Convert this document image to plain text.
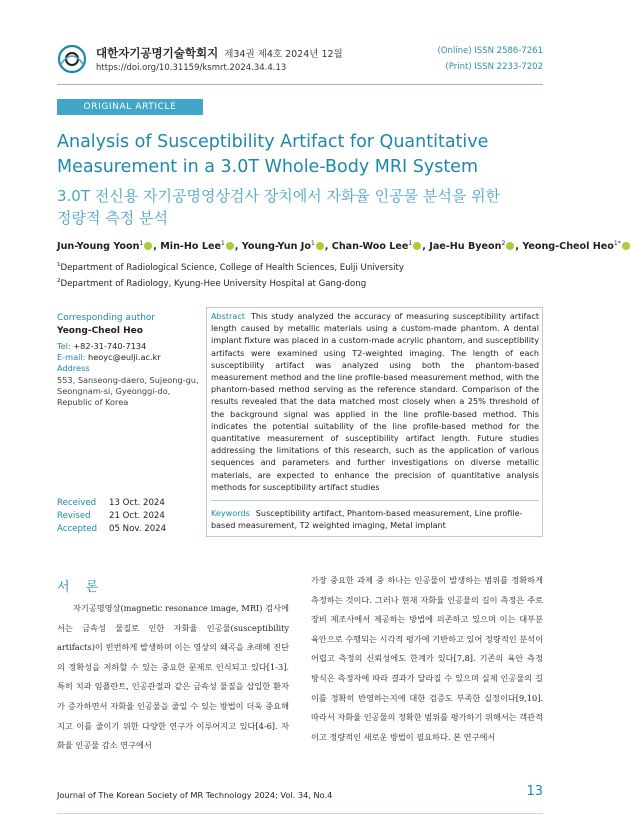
대한자기공명기술학회지 제34권 제4호 2024년 12월
https://doi.org/10.31159/ksmrt.2024.34.4.13
(Online) ISSN 2586-7261
(Print) ISSN 2233-7202
ORIGINAL ARTICLE
Analysis of Susceptibility Artifact for Quantitative
Measurement in a 3.0T Whole-Body MRI System
3.0T 전신용 자기공명영상검사 장치에서 자화율 인공물 분석을 위한
정량적 측정 분석
Jun-Young Yoon$^1$ , Min-Ho Lee$^1$ , Young-Yun Jo$^1$ , Chan-Woo Lee$^1$ , Jae-Hu Byeon$^2$ , Yeong-Cheol Heo$^{1*}$
$^1$Department of Radiological Science, College of Health Sciences, Eulji University
$^2$Department of Radiology, Kyung-Hee University Hospital at Gang-dong
Corresponding author
Yeong-Cheol Heo
Tel: +82-31-740-7134
E-mail: heoyc@eulji.ac.kr
Address
553, Sanseong-daero, Sujeong-gu, Seongnam-si, Gyeonggi-do, Republic of Korea
Received 13 Oct. 2024
Revised 21 Oct. 2024
Accepted 05 Nov. 2024
Abstract This study analyzed the accuracy of measuring susceptibility artifact length caused by metallic materials using a custom-made phantom. A dental implant fixture was placed in a custom-made acrylic phantom, and susceptibility artifacts were examined using T2-weighted imaging. The length of each susceptibility artifact was analyzed using both the phantom-based measurement method and the line profile-based measurement method, with the phantom-based method serving as the reference standard. Comparison of the results revealed that the data matched most closely when a 25% threshold of the background signal was applied in the line profile-based method. This indicates the potential suitability of the line profile-based method for the quantitative measurement of susceptibility artifact length. Future studies addressing the limitations of this research, such as the application of various sequences and parameters and further investigations on diverse metallic materials, are expected to enhance the precision of quantitative analysis methods for susceptibility artifact studies
Keywords Susceptibility artifact, Phantom-based measurement, Line profile-based measurement, T2 weighted imaging, Metal implant
서 론
자기공명영상(magnetic resonance image, MRI) 검사에서는 금속성 물질로 인한 자화율 인공물(susceptibility artifacts)이 빈번하게 발생하며 이는 영상의 왜곡을 초래해 진단의 정확성을 저하할 수 있는 중요한 문제로 인식되고 있다[1-3]. 특히 치과 임플란트, 인공관절과 같은 금속성 물질을 삽입한 환자가 증가하면서 자화율 인공물을 줄일 수 있는 방법이 더욱 중요해지고 이를 줄이기 위한 다양한 연구가 이루어지고 있다[4-6]. 자화율 인공물 감소 연구에서
가장 중요한 과제 중 하나는 인공물이 발생하는 범위를 정확하게 측정하는 것이다. 그러나 현재 자화율 인공물의 길이 측정은 주로 장비 제조사에서 제공하는 방법에 의존하고 있으며 이는 대부분 육안으로 수행되는 시각적 평가에 기반하고 있어 정량적인 분석이 어렵고 측정의 신뢰성에도 한계가 있다[7,8]. 기존의 육안 측정 방식은 측정자에 따라 결과가 달라질 수 있으며 실제 인공물의 길이를 정확히 반영하는지에 대한 검증도 부족한 실정이다[9,10]. 따라서 자화율 인공물의 정확한 범위를 평가하기 위해서는 객관적이고 정량적인 새로운 방법이 필요하다. 본 연구에서
Journal of The Korean Society of MR Technology 2024; Vol. 34, No.4	13
